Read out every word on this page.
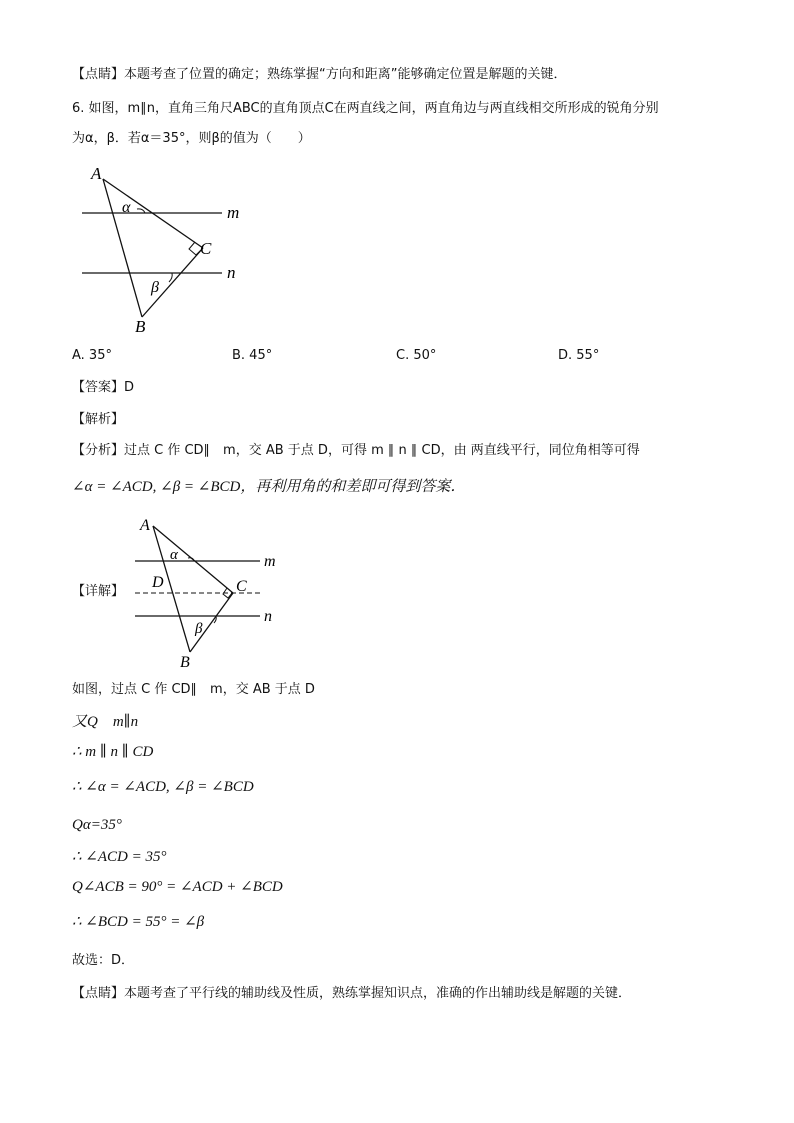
【点睛】本题考查了位置的确定；熟练掌握“方向和距离”能够确定位置是解题的关键．
6. 如图，m∥n，直角三角尺ABC的直角顶点C在两直线之间，两直角边与两直线相交所形成的锐角分别
为α，β．若α＝35°，则β的值为（　　）
A
α	m
C
n
β
B
A. 35°	B. 45°	C. 50°	D. 55°
【答案】D
【解析】
【分析】过点 C 作 CD∥　m，交 AB 于点 D，可得 m ∥ n ∥ CD，由 两直线平行，同位角相等可得
∠α = ∠ACD, ∠β = ∠BCD，再利用角的和差即可得到答案．
【详解】
A
α	m
D	C
n
β
B
如图，过点 C 作 CD∥　m，交 AB 于点 D
又Q　m∥n
∴ m ∥ n ∥ CD
∴ ∠α = ∠ACD, ∠β = ∠BCD
Qα=35°
∴ ∠ACD = 35°
Q∠ACB = 90° = ∠ACD + ∠BCD
∴ ∠BCD = 55° = ∠β
故选：D．
【点睛】本题考查了平行线的辅助线及性质，熟练掌握知识点，准确的作出辅助线是解题的关键．
